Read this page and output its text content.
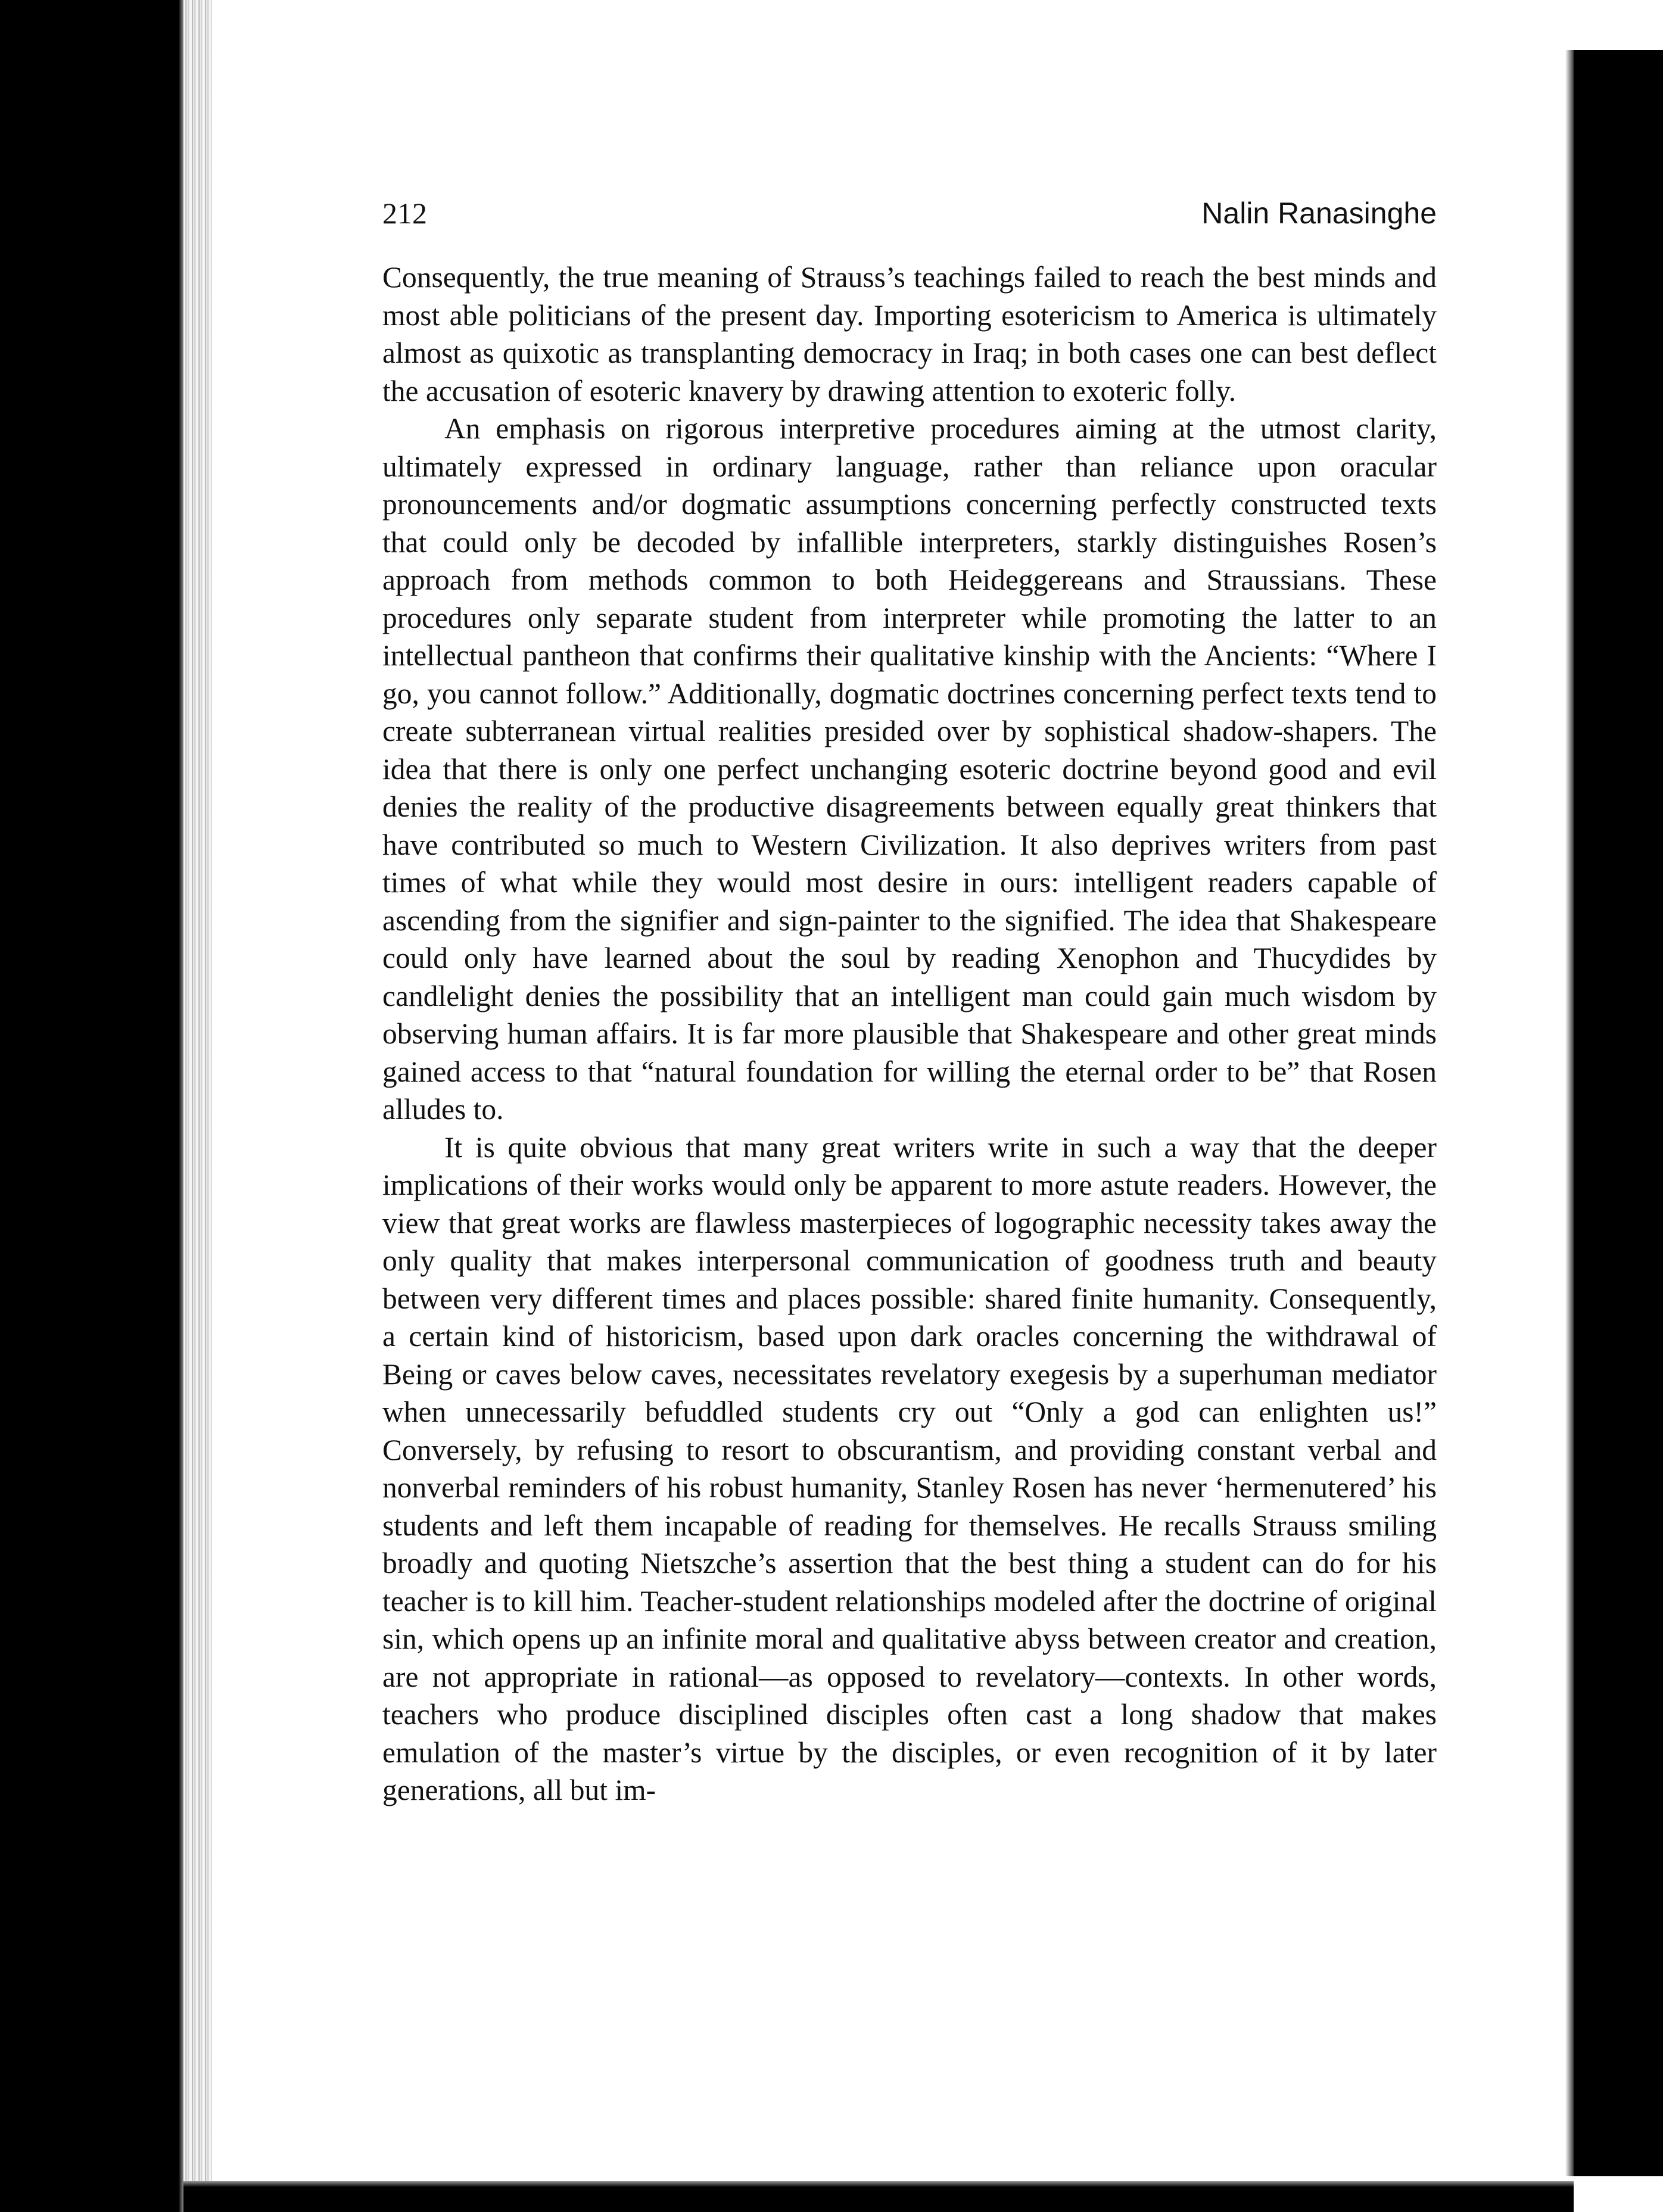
212	Nalin Ranasinghe

Consequently, the true meaning of Strauss’s teachings failed to reach the best minds and most able politicians of the present day. Importing esotericism to America is ultimately almost as quixotic as transplanting democracy in Iraq; in both cases one can best deflect the accusation of esoteric knavery by drawing attention to exoteric folly.

An emphasis on rigorous interpretive procedures aiming at the utmost clarity, ultimately expressed in ordinary language, rather than reliance upon oracular pronouncements and/or dogmatic assumptions concerning perfectly constructed texts that could only be decoded by infallible interpreters, starkly distinguishes Rosen’s approach from methods common to both Heideggereans and Straussians. These procedures only separate student from interpreter while promoting the latter to an intellectual pantheon that confirms their qualitative kinship with the Ancients: “Where I go, you cannot follow.” Additionally, dogmatic doctrines concerning perfect texts tend to create subterranean virtual realities presided over by sophistical shadow-shapers. The idea that there is only one perfect unchanging esoteric doctrine beyond good and evil denies the reality of the productive disagreements between equally great thinkers that have contributed so much to Western Civilization. It also deprives writers from past times of what while they would most desire in ours: intelligent readers capable of ascending from the signifier and sign-painter to the signified. The idea that Shakespeare could only have learned about the soul by reading Xenophon and Thucydides by candlelight denies the possibility that an intelligent man could gain much wisdom by observing human affairs. It is far more plausible that Shakespeare and other great minds gained access to that “natural foundation for willing the eternal order to be” that Rosen alludes to.

It is quite obvious that many great writers write in such a way that the deeper implications of their works would only be apparent to more astute readers. However, the view that great works are flawless masterpieces of logographic necessity takes away the only quality that makes interpersonal communication of goodness truth and beauty between very different times and places possible: shared finite humanity. Consequently, a certain kind of historicism, based upon dark oracles concerning the withdrawal of Being or caves below caves, necessitates revelatory exegesis by a superhuman mediator when unnecessarily befuddled students cry out “Only a god can enlighten us!” Conversely, by refusing to resort to obscurantism, and providing constant verbal and nonverbal reminders of his robust humanity, Stanley Rosen has never ‘hermenutered’ his students and left them incapable of reading for themselves. He recalls Strauss smiling broadly and quoting Nietszche’s assertion that the best thing a student can do for his teacher is to kill him. Teacher-student relationships modeled after the doctrine of original sin, which opens up an infinite moral and qualitative abyss between creator and creation, are not appropriate in rational—as opposed to revelatory—contexts. In other words, teachers who produce disciplined disciples often cast a long shadow that makes emulation of the master’s virtue by the disciples, or even recognition of it by later generations, all but im-
